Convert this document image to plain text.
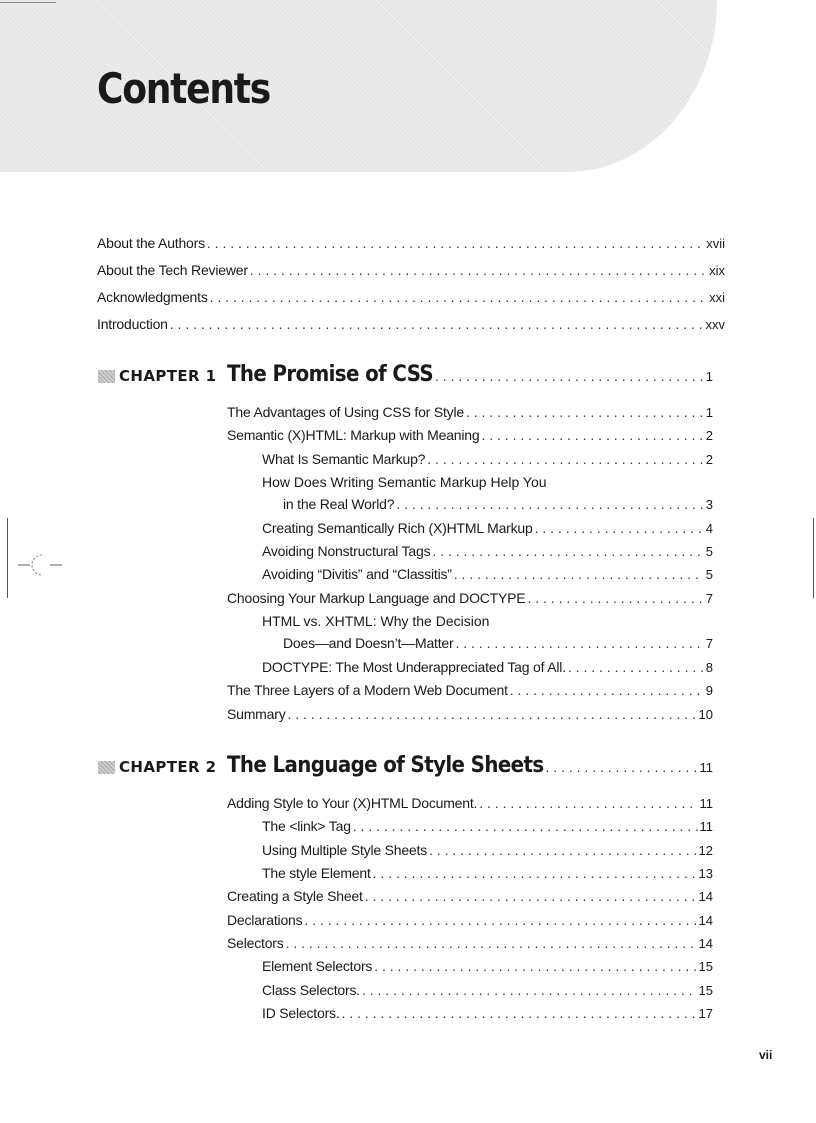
Contents
About the Authors . . .	xvii
About the Tech Reviewer . . .	xix
Acknowledgments . . .	xxi
Introduction . . .	xxv
CHAPTER 1 The Promise of CSS . . .	1
The Advantages of Using CSS for Style . . .	1
Semantic (X)HTML: Markup with Meaning . . .	2
What Is Semantic Markup? . . .	2
How Does Writing Semantic Markup Help You
in the Real World? . . .	3
Creating Semantically Rich (X)HTML Markup . . .	4
Avoiding Nonstructural Tags . . .	5
Avoiding “Divitis” and “Classitis” . . .	5
Choosing Your Markup Language and DOCTYPE . . .	7
HTML vs. XHTML: Why the Decision
Does—and Doesn’t—Matter . . .	7
DOCTYPE: The Most Underappreciated Tag of All. . . .	8
The Three Layers of a Modern Web Document . . .	9
Summary . . .	10
CHAPTER 2 The Language of Style Sheets . . .	11
Adding Style to Your (X)HTML Document. . . .	11
The <link> Tag . . .	11
Using Multiple Style Sheets . . .	12
The style Element . . .	13
Creating a Style Sheet . . .	14
Declarations . . .	14
Selectors . . .	14
Element Selectors . . .	15
Class Selectors. . . .	15
ID Selectors. . . .	17
vii
